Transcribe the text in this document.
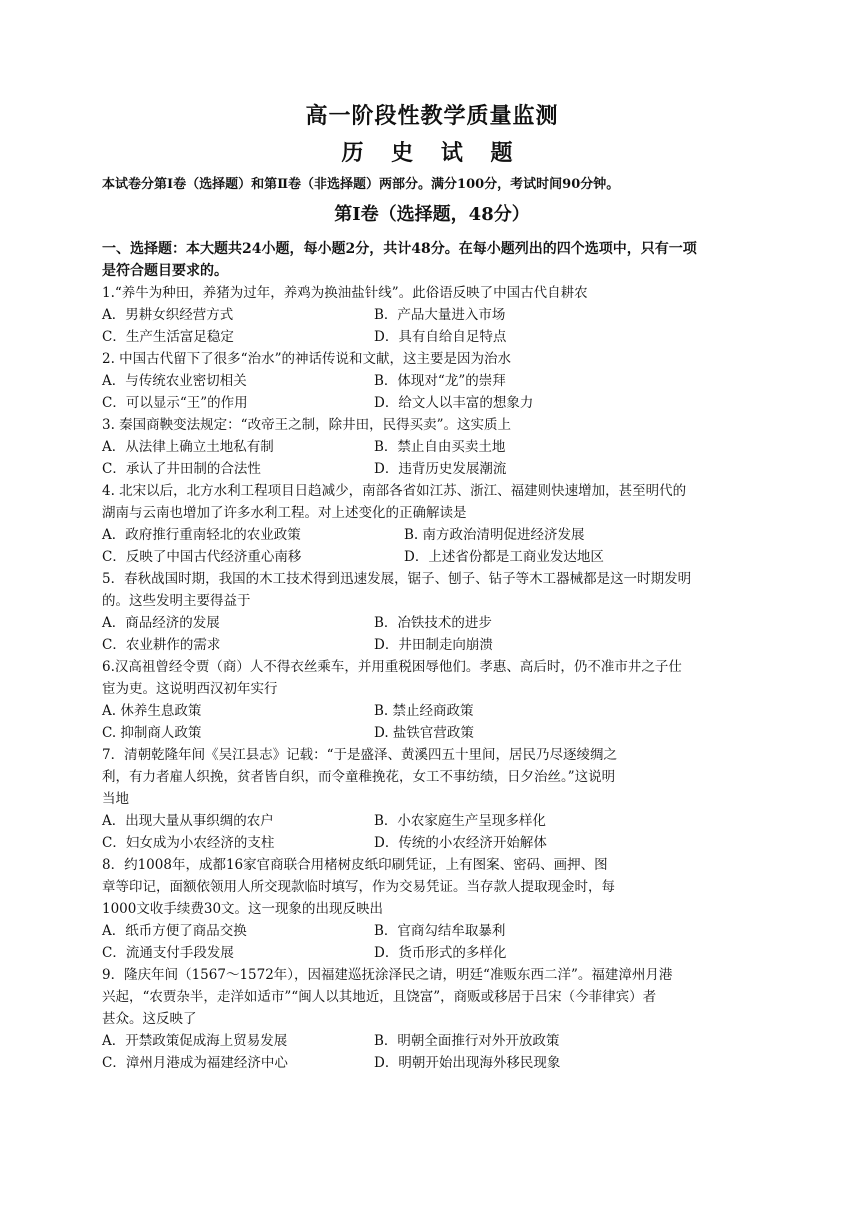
高一阶段性教学质量监测
历 史 试 题

本试卷分第Ⅰ卷（选择题）和第Ⅱ卷（非选择题）两部分。满分100分，考试时间90分钟。

第Ⅰ卷（选择题，48分）
一、选择题：本大题共24小题，每小题2分，共计48分。在每小题列出的四个选项中，只有一项
是符合题目要求的。
1.“养牛为种田，养猪为过年，养鸡为换油盐针线”。此俗语反映了中国古代自耕农
A．男耕女织经营方式	B．产品大量进入市场
C．生产生活富足稳定	D．具有自给自足特点
2. 中国古代留下了很多“治水”的神话传说和文献，这主要是因为治水
A．与传统农业密切相关	B．体现对“龙”的崇拜
C．可以显示“王”的作用	D．给文人以丰富的想象力
3. 秦国商鞅变法规定：“改帝王之制，除井田，民得买卖”。这实质上
A．从法律上确立土地私有制	B．禁止自由买卖土地
C．承认了井田制的合法性	D．违背历史发展潮流
4. 北宋以后，北方水利工程项目日趋减少，南部各省如江苏、浙江、福建则快速增加，甚至明代的
湖南与云南也增加了许多水利工程。对上述变化的正确解读是
A．政府推行重南轻北的农业政策	B. 南方政治清明促进经济发展
C．反映了中国古代经济重心南移	D．上述省份都是工商业发达地区
5．春秋战国时期，我国的木工技术得到迅速发展，锯子、刨子、钻子等木工器械都是这一时期发明
的。这些发明主要得益于
A．商品经济的发展	B．冶铁技术的进步
C．农业耕作的需求	D．井田制走向崩溃
6.汉高祖曾经令贾（商）人不得衣丝乘车，并用重税困辱他们。孝惠、高后时，仍不准市井之子仕
宦为吏。这说明西汉初年实行
A. 休养生息政策	B. 禁止经商政策
C. 抑制商人政策	D. 盐铁官营政策
7．清朝乾隆年间《吴江县志》记载：“于是盛泽、黄溪四五十里间，居民乃尽逐绫绸之
利，有力者雇人织挽，贫者皆自织，而令童稚挽花，女工不事纺绩，日夕治丝。”这说明
当地
A．出现大量从事织绸的农户	B．小农家庭生产呈现多样化
C．妇女成为小农经济的支柱	D．传统的小农经济开始解体
8．约1008年，成都16家官商联合用楮树皮纸印刷凭证，上有图案、密码、画押、图
章等印记，面额依领用人所交现款临时填写，作为交易凭证。当存款人提取现金时，每
1000文收手续费30文。这一现象的出现反映出
A．纸币方便了商品交换	B．官商勾结牟取暴利
C．流通支付手段发展	D．货币形式的多样化
9．隆庆年间（1567～1572年），因福建巡抚涂泽民之请，明廷“准贩东西二洋”。福建漳州月港
兴起，“农贾杂半，走洋如适市”“闽人以其地近，且饶富”，商贩或移居于吕宋（今菲律宾）者
甚众。这反映了
A．开禁政策促成海上贸易发展	B．明朝全面推行对外开放政策
C．漳州月港成为福建经济中心	D．明朝开始出现海外移民现象
